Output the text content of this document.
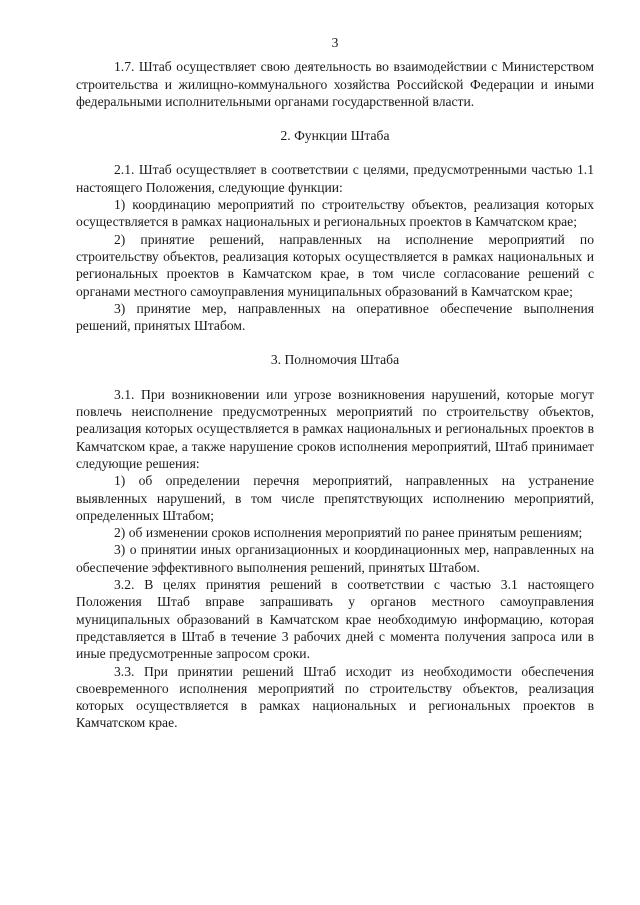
3

1.7. Штаб осуществляет свою деятельность во взаимодействии с Министерством строительства и жилищно-коммунального хозяйства Российской Федерации и иными федеральными исполнительными органами государственной власти.

2. Функции Штаба

2.1. Штаб осуществляет в соответствии с целями, предусмотренными частью 1.1 настоящего Положения, следующие функции:

1) координацию мероприятий по строительству объектов, реализация которых осуществляется в рамках национальных и региональных проектов в Камчатском крае;

2) принятие решений, направленных на исполнение мероприятий по строительству объектов, реализация которых осуществляется в рамках национальных и региональных проектов в Камчатском крае, в том числе согласование решений с органами местного самоуправления муниципальных образований в Камчатском крае;

3) принятие мер, направленных на оперативное обеспечение выполнения решений, принятых Штабом.

3. Полномочия Штаба

3.1. При возникновении или угрозе возникновения нарушений, которые могут повлечь неисполнение предусмотренных мероприятий по строительству объектов, реализация которых осуществляется в рамках национальных и региональных проектов в Камчатском крае, а также нарушение сроков исполнения мероприятий, Штаб принимает следующие решения:

1) об определении перечня мероприятий, направленных на устранение выявленных нарушений, в том числе препятствующих исполнению мероприятий, определенных Штабом;

2) об изменении сроков исполнения мероприятий по ранее принятым решениям;

3) о принятии иных организационных и координационных мер, направленных на обеспечение эффективного выполнения решений, принятых Штабом.

3.2. В целях принятия решений в соответствии с частью 3.1 настоящего Положения Штаб вправе запрашивать у органов местного самоуправления муниципальных образований в Камчатском крае необходимую информацию, которая представляется в Штаб в течение 3 рабочих дней с момента получения запроса или в иные предусмотренные запросом сроки.

3.3. При принятии решений Штаб исходит из необходимости обеспечения своевременного исполнения мероприятий по строительству объектов, реализация которых осуществляется в рамках национальных и региональных проектов в Камчатском крае.
